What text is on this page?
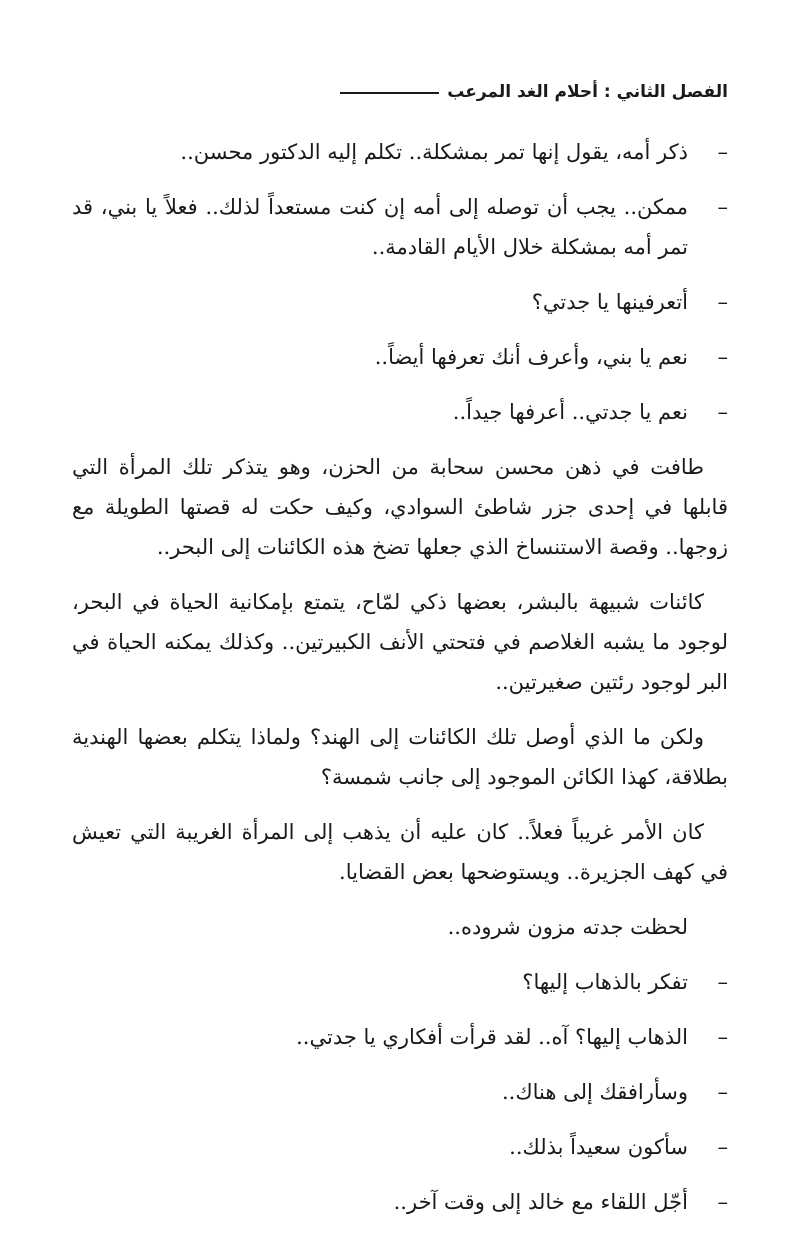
الفصل الثاني : أحلام الغد المرعب
–
ذكر أمه، يقول إنها تمر بمشكلة.. تكلم إليه الدكتور محسن..
–
ممكن.. يجب أن توصله إلى أمه إن كنت مستعداً لذلك.. فعلاً يا بني، قد تمر أمه بمشكلة خلال الأيام القادمة..
–
أتعرفينها يا جدتي؟
–
نعم يا بني، وأعرف أنك تعرفها أيضاً..
–
نعم يا جدتي.. أعرفها جيداً..

طافت في ذهن محسن سحابة من الحزن، وهو يتذكر تلك المرأة التي قابلها في إحدى جزر شاطئ السوادي، وكيف حكت له قصتها الطويلة مع زوجها.. وقصة الاستنساخ الذي جعلها تضخ هذه الكائنات إلى البحر..

كائنات شبيهة بالبشر، بعضها ذكي لمّاح، يتمتع بإمكانية الحياة في البحر، لوجود ما يشبه الغلاصم في فتحتي الأنف الكبيرتين.. وكذلك يمكنه الحياة في البر لوجود رئتين صغيرتين..

ولكن ما الذي أوصل تلك الكائنات إلى الهند؟ ولماذا يتكلم بعضها الهندية بطلاقة، كهذا الكائن الموجود إلى جانب شمسة؟

كان الأمر غريباً فعلاً.. كان عليه أن يذهب إلى المرأة الغريبة التي تعيش في كهف الجزيرة.. ويستوضحها بعض القضايا.

لحظت جدته مزون شروده..
–
تفكر بالذهاب إليها؟
–
الذهاب إليها؟ آه.. لقد قرأت أفكاري يا جدتي..
–
وسأرافقك إلى هناك..
–
سأكون سعيداً بذلك..
–
أجّل اللقاء مع خالد إلى وقت آخر..
